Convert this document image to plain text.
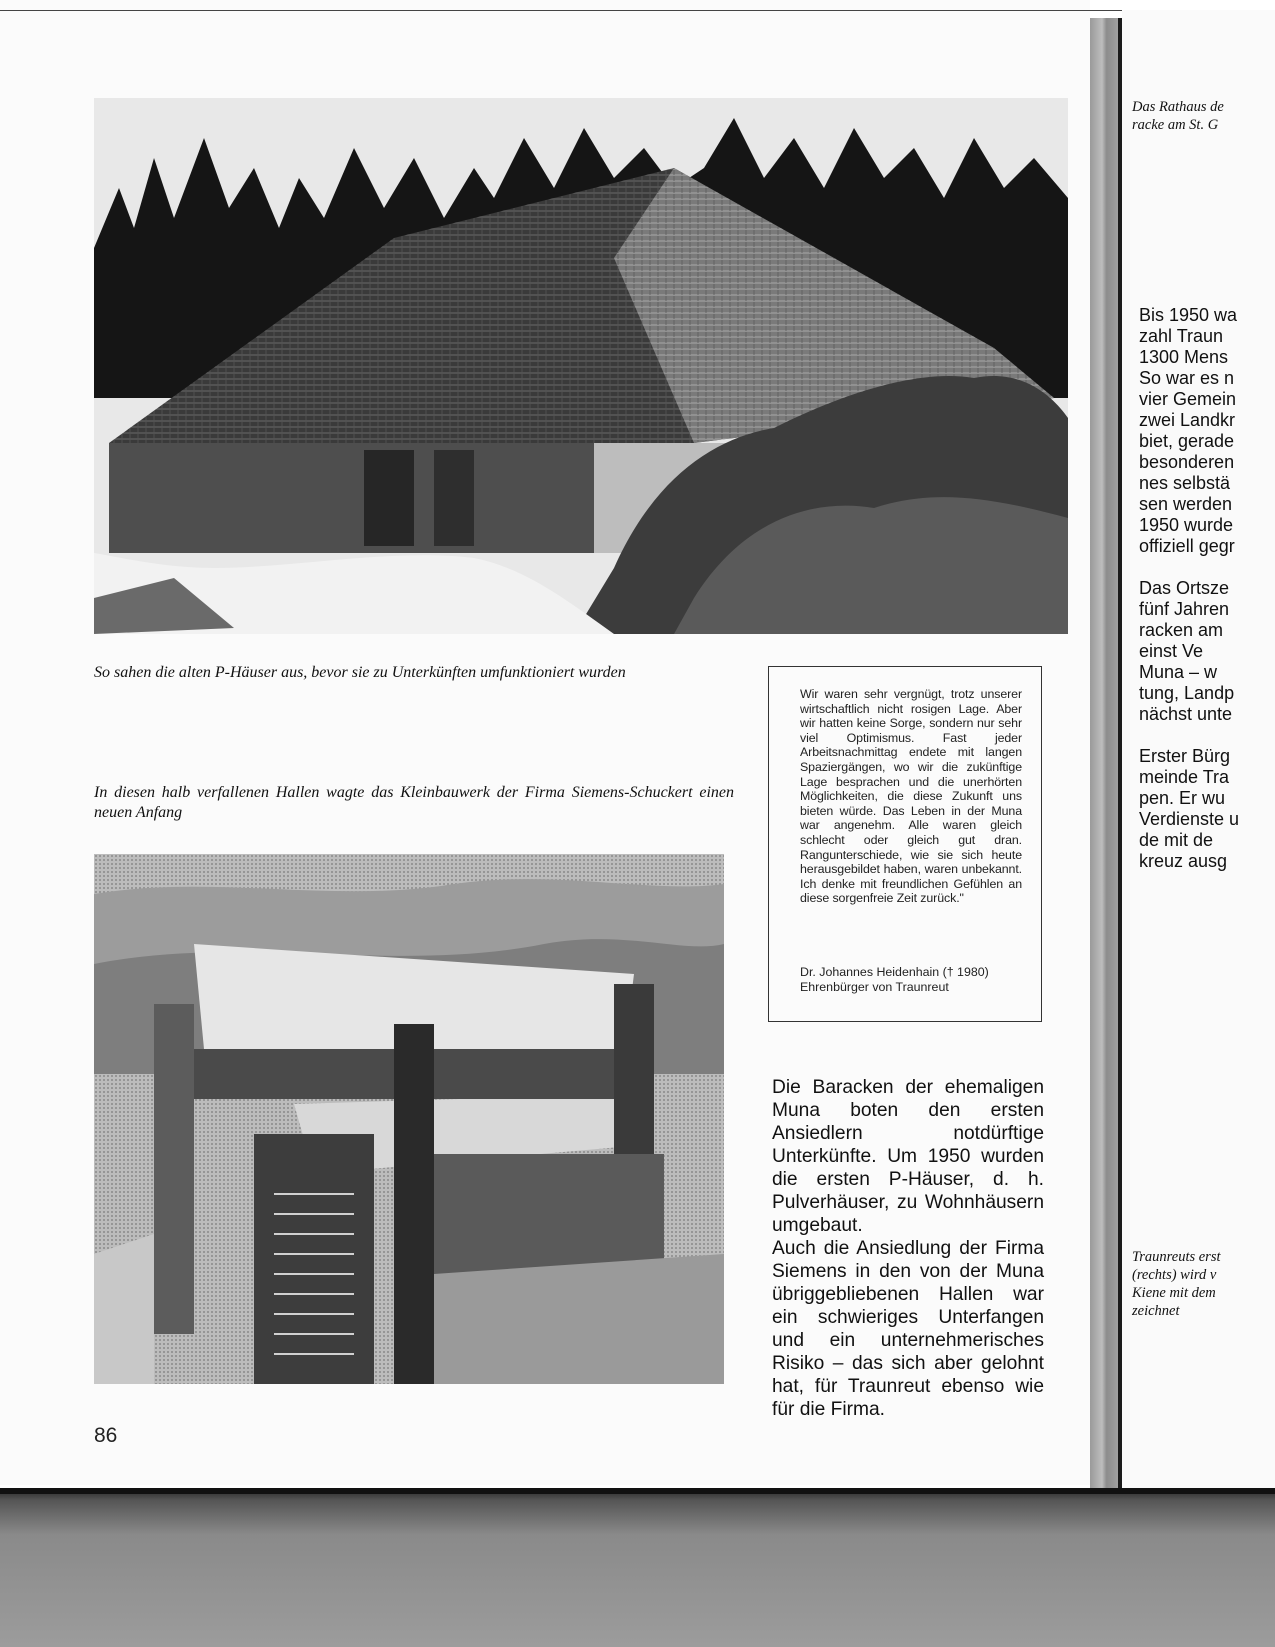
So sahen die alten P-Häuser aus, bevor sie zu Unterkünften umfunktioniert wurden
In diesen halb verfallenen Hallen wagte das Kleinbauwerk der Firma Siemens-Schuckert einen neuen Anfang
Wir waren sehr vergnügt, trotz unserer wirtschaftlich nicht rosigen Lage. Aber wir hatten keine Sorge, sondern nur sehr viel Optimismus. Fast jeder Arbeitsnachmittag endete mit langen Spaziergängen, wo wir die zukünftige Lage besprachen und die unerhörten Möglichkeiten, die diese Zukunft uns bieten würde. Das Leben in der Muna war angenehm. Alle waren gleich schlecht oder gleich gut dran. Rangunterschiede, wie sie sich heute herausgebildet haben, waren unbekannt. Ich denke mit freundlichen Gefühlen an diese sorgenfreie Zeit zurück."
Dr. Johannes Heidenhain († 1980)
Ehrenbürger von Traunreut

Die Baracken der ehemaligen Muna boten den ersten Ansiedlern notdürftige Unterkünfte. Um 1950 wurden die ersten P-Häuser, d. h. Pulverhäuser, zu Wohnhäusern umgebaut.

Auch die Ansiedlung der Firma Siemens in den von der Muna übriggebliebenen Hallen war ein schwieriges Unterfangen und ein unternehmerisches Risiko – das sich aber gelohnt hat, für Traunreut ebenso wie für die Firma.

86
Das Rathaus de
racke am St. G

Bis 1950 wa
zahl Traun
1300 Mens
So war es n
vier Gemein
zwei Landkr
biet, gerade
besonderen
nes selbstä
sen werden
1950 wurde
offiziell gegr

Das Ortsze
fünf Jahren
racken am
einst Ve
Muna – w
tung, Landp
nächst unte

Erster Bürg
meinde Tra
pen. Er wu
Verdienste u
de mit de
kreuz ausg

Traunreuts erst
(rechts) wird v
Kiene mit dem
zeichnet
